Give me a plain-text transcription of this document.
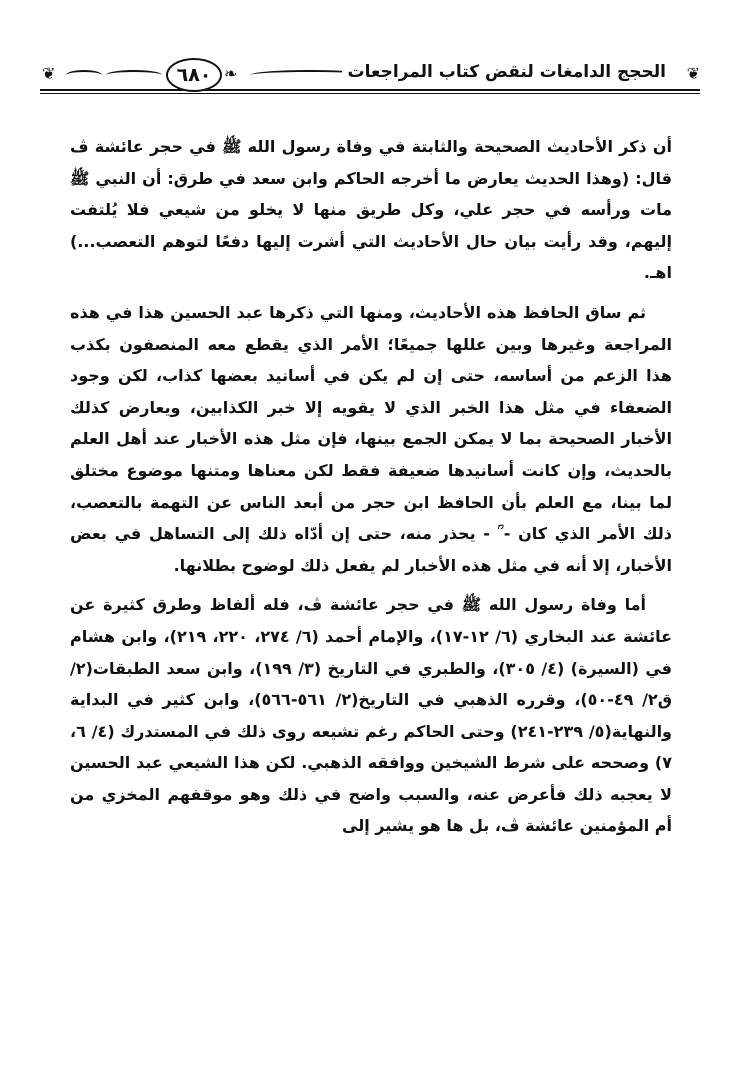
❦
الحجج الدامغات لنقض كتاب المراجعات
❧
٦٨٠
❦

أن ذكر الأحاديث الصحيحة والثابتة في وفاة رسول الله ﷺ في حجر عائشة ڤ قال: (وهذا الحديث يعارض ما أخرجه الحاكم وابن سعد في طرق: أن النبي ﷺ مات ورأسه في حجر علي، وكل طريق منها لا يخلو من شيعي فلا يُلتفت إليهم، وقد رأيت بيان حال الأحاديث التي أشرت إليها دفعًا لتوهم التعصب...) اهـ.

ثم ساق الحافظ هذه الأحاديث، ومنها التي ذكرها عبد الحسين هذا في هذه المراجعة وغيرها وبين عللها جميعًا؛ الأمر الذي يقطع معه المنصفون بكذب هذا الزعم من أساسه، حتى إن لم يكن في أسانيد بعضها كذاب، لكن وجود الضعفاء في مثل هذا الخبر الذي لا يقويه إلا خبر الكذابين، ويعارض كذلك الأخبار الصحيحة بما لا يمكن الجمع بينها، فإن مثل هذه الأخبار عند أهل العلم بالحديث، وإن كانت أسانيدها ضعيفة فقط لكن معناها ومتنها موضوع مختلق لما بينا، مع العلم بأن الحافظ ابن حجر من أبعد الناس عن التهمة بالتعصب، ذلك الأمر الذي كان - ؒ - يحذر منه، حتى إن أدّاه ذلك إلى التساهل في بعض الأخبار، إلا أنه في مثل هذه الأخبار لم يفعل ذلك لوضوح بطلانها.

أما وفاة رسول الله ﷺ في حجر عائشة ڤ، فله ألفاظ وطرق كثيرة عن عائشة عند البخاري (٦/ ١٢-١٧)، والإمام أحمد (٦/ ٢٧٤، ٢٢٠، ٢١٩)، وابن هشام في (السيرة) (٤/ ٣٠٥)، والطبري في التاريخ (٣/ ١٩٩)، وابن سعد الطبقات(٢/ ق٢/ ٤٩-٥٠)، وقرره الذهبي في التاريخ(٢/ ٥٦١-٥٦٦)، وابن كثير في البداية والنهاية(٥/ ٢٣٩-٢٤١) وحتى الحاكم رغم تشيعه روى ذلك في المستدرك (٤/ ٦، ٧) وصححه على شرط الشيخين ووافقه الذهبي. لكن هذا الشيعي عبد الحسين لا يعجبه ذلك فأعرض عنه، والسبب واضح في ذلك وهو موقفهم المخزي من أم المؤمنين عائشة ڤ، بل ها هو يشير إلى
